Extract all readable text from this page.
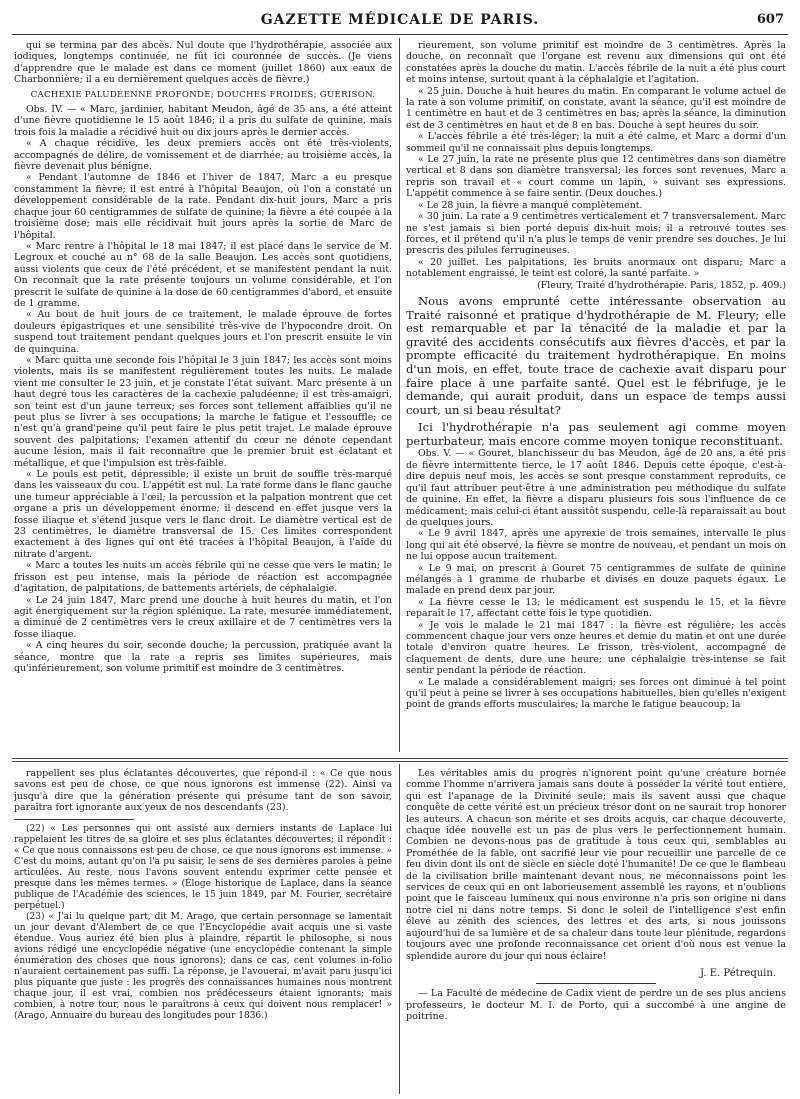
GAZETTE MÉDICALE DE PARIS.	607

qui se termina par des abcès. Nul doute que l'hydrothérapie, associée aux iodiques, longtemps continuée, ne fût ici couronnée de succès. (Je viens d'apprendre que le malade est dans ce moment (juillet 1860) aux eaux de Charbonnière; il a eu dernièrement quelques accès de fièvre.)

CACHEXIE PALUDÉENNE PROFONDE; DOUCHES FROIDES; GUÉRISON.

Obs. IV. — « Marc, jardinier, habitant Meudon, âgé de 35 ans, a été atteint d'une fièvre quotidienne le 15 août 1846; il a pris du sulfate de quinine, mais trois fois la maladie a récidivé huit ou dix jours après le dernier accès.

« A chaque récidive, les deux premiers accès ont été très-violents, accompagnés de délire, de vomissement et de diarrhée; au troisième accès, la fièvre devenait plus bénigne.

« Pendant l'automne de 1846 et l'hiver de 1847, Marc a eu presque constamment la fièvre; il est entré à l'hôpital Beaujon, où l'on a constaté un développement considérable de la rate. Pendant dix-huit jours, Marc a pris chaque jour 60 centigrammes de sulfate de quinine; la fièvre a été coupée à la troisième dose; mais elle récidivait huit jours après la sortie de Marc de l'hôpital.

« Marc rentre à l'hôpital le 18 mai 1847; il est placé dans le service de M. Legroux et couché au n° 68 de la salle Beaujon. Les accès sont quotidiens, aussi violents que ceux de l'été précédent, et se manifestent pendant la nuit. On reconnaît que la rate présente toujours un volume considérable, et l'on prescrit le sulfate de quinine à la dose de 60 centigrammes d'abord, et ensuite de 1 gramme.

« Au bout de huit jours de ce traitement, le malade éprouve de fortes douleurs épigastriques et une sensibilité très-vive de l'hypocondre droit. On suspend tout traitement pendant quelques jours et l'on prescrit ensuite le vin de quinquina.

« Marc quitta une seconde fois l'hôpital le 3 juin 1847; les accès sont moins violents, mais ils se manifestent régulièrement toutes les nuits. Le malade vient me consulter le 23 juin, et je constate l'état suivant. Marc présente à un haut degré tous les caractères de la cachexie paludéenne; il est très-amaigri, son teint est d'un jaune terreux; ses forces sont tellement affaiblies qu'il ne peut plus se livrer à ses occupations; la marche le fatigue et l'essouffle; ce n'est qu'à grand'peine qu'il peut faire le plus petit trajet. Le malade éprouve souvent des palpitations; l'examen attentif du cœur ne dénote cependant aucune lésion, mais il fait reconnaître que le premier bruit est éclatant et métallique, et que l'impulsion est très-faible.

« Le pouls est petit, dépressible; il existe un bruit de souffle très-marqué dans les vaisseaux du cou. L'appétit est nul. La rate forme dans le flanc gauche une tumeur appréciable à l'œil; la percussion et la palpation montrent que cet organe a pris un développement énorme; il descend en effet jusque vers la fosse iliaque et s'étend jusque vers le flanc droit. Le diamètre vertical est de 23 centimètres, le diamètre transversal de 15. Ces limites correspondent exactement à des lignes qui ont été tracées à l'hôpital Beaujon, à l'aide du nitrate d'argent.

« Marc a toutes les nuits un accès fébrile qui ne cesse que vers le matin; le frisson est peu intense, mais la période de réaction est accompagnée d'agitation, de palpitations, de battements artériels, de céphalalgie.

« Le 24 juin 1847, Marc prend une douche à huit heures du matin, et l'on agit énergiquement sur la région splénique. La rate, mesurée immédiatement, a diminué de 2 centimètres vers le creux axillaire et de 7 centimètres vers la fosse iliaque.

« A cinq heures du soir, seconde douche; la percussion, pratiquée avant la séance, montre que la rate a repris ses limites supérieures, mais qu'inférieurement, son volume primitif est moindre de 3 centimètres.

rieurement, son volume primitif est moindre de 3 centimètres. Après la douche, on reconnaît que l'organe est revenu aux dimensions qui ont été constatées après la douche du matin. L'accès fébrile de la nuit a été plus court et moins intense, surtout quant à la céphalalgie et l'agitation.

« 25 juin. Douche à huit heures du matin. En comparant le volume actuel de la rate à son volume primitif, on constate, avant la séance, qu'il est moindre de 1 centimètre en haut et de 3 centimètres en bas; après la séance, la diminution est de 3 centimètres en haut et de 8 en bas. Douche à sept heures du soir.

« L'accès fébrile a été très-léger; la nuit a été calme, et Marc a dormi d'un sommeil qu'il ne connaissait plus depuis longtemps.

« Le 27 juin, la rate ne présente plus que 12 centimètres dans son diamètre vertical et 8 dans son diamètre transversal; les forces sont revenues, Marc a repris son travail et « court comme un lapin, » suivant ses expressions. L'appétit commence à se faire sentir. (Deux douches.)

« Le 28 juin, la fièvre a manqué complètement.

« 30 juin. La rate a 9 centimètres verticalement et 7 transversalement. Marc ne s'est jamais si bien porté depuis dix-huit mois; il a retrouvé toutes ses forces, et il prétend qu'il n'a plus le temps de venir prendre ses douches. Je lui prescris des pilules ferrugineuses.

« 20 juillet. Les palpitations, les bruits anormaux ont disparu; Marc a notablement engraissé, le teint est coloré, la santé parfaite. »

(Fleury, Traité d'hydrothérapie. Paris, 1852, p. 409.)

Nous avons emprunté cette intéressante observation au Traité raisonné et pratique d'hydrothérapie de M. Fleury; elle est remarquable et par la ténacité de la maladie et par la gravité des accidents consécutifs aux fièvres d'accès, et par la prompte efficacité du traitement hydrothérapique. En moins d'un mois, en effet, toute trace de cachexie avait disparu pour faire place à une parfaite santé. Quel est le fébrifuge, je le demande, qui aurait produit, dans un espace de temps aussi court, un si beau résultat?

Ici l'hydrothérapie n'a pas seulement agi comme moyen perturbateur, mais encore comme moyen tonique reconstituant.

Obs. V. — « Gouret, blanchisseur du bas Meudon, âgé de 20 ans, a été pris de fièvre intermittente tierce, le 17 août 1846. Depuis cette époque, c'est-à-dire depuis neuf mois, les accès se sont presque constamment reproduits, ce qu'il faut attribuer peut-être à une administration peu méthodique du sulfate de quinine. En effet, la fièvre a disparu plusieurs fois sous l'influence de ce médicament; mais celui-ci étant aussitôt suspendu, celle-là reparaissait au bout de quelques jours.

« Le 9 avril 1847, après une apyrexie de trois semaines, intervalle le plus long qui ait été observé, la fièvre se montre de nouveau, et pendant un mois on ne lui oppose aucun traitement.

« Le 9 mai, on prescrit à Gouret 75 centigrammes de sulfate de quinine mélangés à 1 gramme de rhubarbe et divisés en douze paquets égaux. Le malade en prend deux par jour.

« La fièvre cesse le 13; le médicament est suspendu le 15, et la fièvre reparaît le 17, affectant cette fois le type quotidien.

« Je vois le malade le 21 mai 1847 : la fièvre est régulière; les accès commencent chaque jour vers onze heures et demie du matin et ont une durée totale d'environ quatre heures. Le frisson, très-violent, accompagné de claquement de dents, dure une heure; une céphalalgie très-intense se fait sentir pendant la période de réaction.

« Le malade a considérablement maigri; ses forces ont diminué à tel point qu'il peut à peine se livrer à ses occupations habituelles, bien qu'elles n'exigent point de grands efforts musculaires; la marche le fatigue beaucoup; la

rappellent ses plus éclatantes découvertes, que répond-il : « Ce que nous savons est peu de chose, ce que nous ignorons est immense (22). Ainsi va jusqu'à dire que la génération présente qui présume tant de son savoir, paraîtra fort ignorante aux yeux de nos descendants (23).

(22) « Les personnes qui ont assisté aux derniers instants de Laplace lui rappelaient les titres de sa gloire et ses plus éclatantes découvertes; il répondit : « Ce que nous connaissons est peu de chose, ce que nous ignorons est immense. » C'est du moins, autant qu'on l'a pu saisir, le sens de ses dernières paroles à peine articulées. Au reste, nous l'avons souvent entendu exprimer cette pensée et presque dans les mêmes termes. » (Éloge historique de Laplace, dans la séance publique de l'Académie des sciences, le 15 juin 1849, par M. Fourier, secrétaire perpétuel.)

(23) « J'ai lu quelque part, dit M. Arago, que certain personnage se lamentait un jour devant d'Alembert de ce que l'Encyclopédie avait acquis une si vaste étendue. Vous auriez été bien plus à plaindre, répartit le philosophe, si nous avions rédigé une encyclopédie négative (une encyclopédie contenant la simple énumération des choses que nous ignorons); dans ce cas, cent volumes in-folio n'auraient certainement pas suffi. La réponse, je l'avouerai, m'avait paru jusqu'ici plus piquante que juste : les progrès des connaissances humaines nous montrent chaque jour, il est vrai, combien nos prédécesseurs étaient ignorants; mais combien, à notre tour, nous le paraîtrons à ceux qui doivent nous remplacer! » (Arago, Annuaire du bureau des longitudes pour 1836.)

Les véritables amis du progrès n'ignorent point qu'une créature bornée comme l'homme n'arrivera jamais sans doute à posséder la vérité tout entière, qui est l'apanage de la Divinité seule; mais ils savent aussi que chaque conquête de cette vérité est un précieux trésor dont on ne saurait trop honorer les auteurs. A chacun son mérite et ses droits acquis, car chaque découverte, chaque idée nouvelle est un pas de plus vers le perfectionnement humain. Combien ne devons-nous pas de gratitude à tous ceux qui, semblables au Prométhée de la fable, ont sacrifié leur vie pour recueillir une parcelle de ce feu divin dont ils ont de siècle en siècle doté l'humanité! De ce que le flambeau de la civilisation brille maintenant devant nous, ne méconnaissons point les services de ceux qui en ont laborieusement assemblé les rayons, et n'oublions point que le faisceau lumineux qui nous environne n'a pris son origine ni dans notre ciel ni dans notre temps. Si donc le soleil de l'intelligence s'est enfin élevé au zénith des sciences, des lettres et des arts, si nous jouissons aujourd'hui de sa lumière et de sa chaleur dans toute leur plénitude, regardons toujours avec une profonde reconnaissance cet orient d'où nous est venue la splendide aurore du jour qui nous éclaire!

J. E. Pétrequin.

— La Faculté de médecine de Cadix vient de perdre un de ses plus anciens professeurs, le docteur M. I. de Porto, qui a succombé à une angine de poitrine.
